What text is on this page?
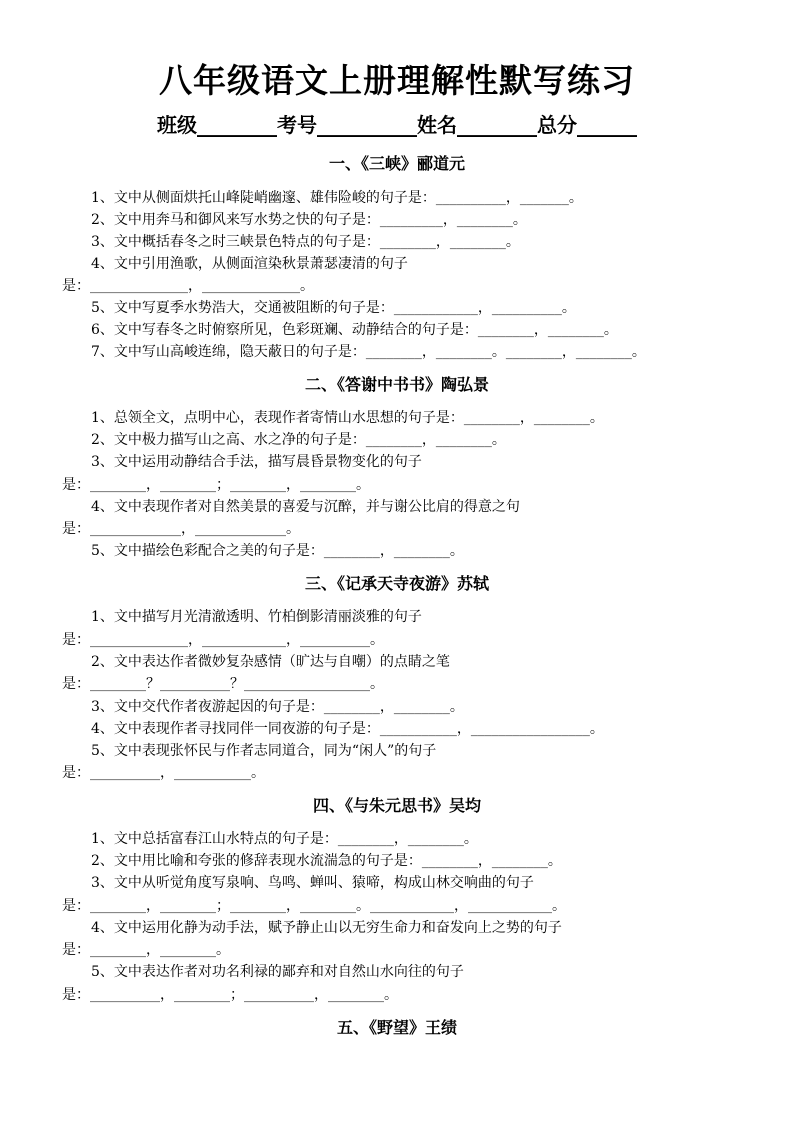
八年级语文上册理解性默写练习
班级________考号__________姓名________总分______
一、《三峡》郦道元
1、文中从侧面烘托山峰陡峭幽邃、雄伟险峻的句子是：__________，_______。
2、文中用奔马和御风来写水势之快的句子是：_________，________。
3、文中概括春冬之时三峡景色特点的句子是：________，________。
4、文中引用渔歌，从侧面渲染秋景萧瑟凄清的句子
是：______________，______________。
5、文中写夏季水势浩大，交通被阻断的句子是：____________，__________。
6、文中写春冬之时俯察所见，色彩斑斓、动静结合的句子是：________，________。
7、文中写山高峻连绵，隐天蔽日的句子是：________，________。________，________。
二、《答谢中书书》陶弘景
1、总领全文，点明中心，表现作者寄情山水思想的句子是：________，________。
2、文中极力描写山之高、水之净的句子是：________，________。
3、文中运用动静结合手法，描写晨昏景物变化的句子
是：________，________；________，________。
4、文中表现作者对自然美景的喜爱与沉醉，并与谢公比肩的得意之句
是：_____________，_____________。
5、文中描绘色彩配合之美的句子是：________，________。
三、《记承天寺夜游》苏轼
1、文中描写月光清澈透明、竹柏倒影清丽淡雅的句子
是：______________，____________，__________。
2、文中表达作者微妙复杂感情（旷达与自嘲）的点睛之笔
是：________？__________？__________________。
3、文中交代作者夜游起因的句子是：________，________。
4、文中表现作者寻找同伴一同夜游的句子是：___________，_________________。
5、文中表现张怀民与作者志同道合，同为“闲人”的句子
是：__________，___________。
四、《与朱元思书》吴均
1、文中总括富春江山水特点的句子是：________，________。
2、文中用比喻和夸张的修辞表现水流湍急的句子是：________，________。
3、文中从听觉角度写泉响、鸟鸣、蝉叫、猿啼，构成山林交响曲的句子
是：________，________；________，________。____________，____________。
4、文中运用化静为动手法，赋予静止山以无穷生命力和奋发向上之势的句子
是：________，________。
5、文中表达作者对功名利禄的鄙弃和对自然山水向往的句子
是：__________，________；__________，________。
五、《野望》王绩
